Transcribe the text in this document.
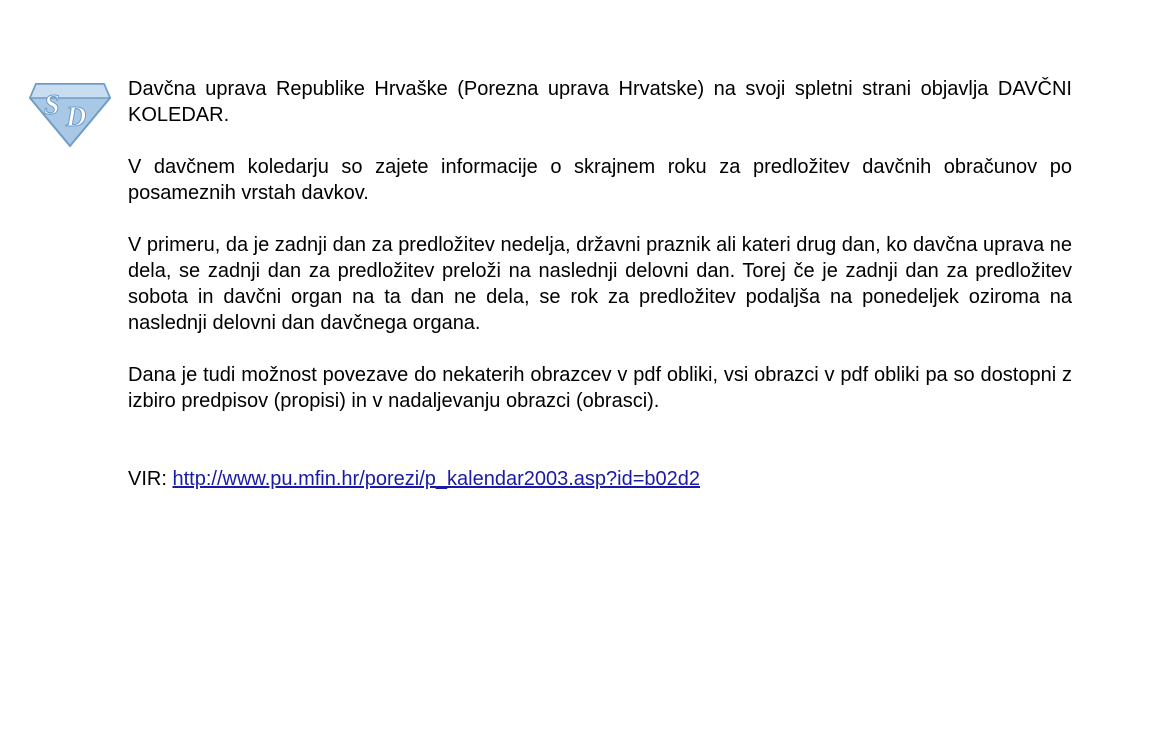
S D

Davčna uprava Republike Hrvaške (Porezna uprava Hrvatske) na svoji spletni strani objavlja DAVČNI KOLEDAR.

V davčnem koledarju so zajete informacije o skrajnem roku za predložitev davčnih obračunov po posameznih vrstah davkov.

V primeru, da je zadnji dan za predložitev nedelja, državni praznik ali kateri drug dan, ko davčna uprava ne dela, se zadnji dan za predložitev preloži na naslednji delovni dan. Torej če je zadnji dan za predložitev sobota in davčni organ na ta dan ne dela, se rok za predložitev podaljša na ponedeljek oziroma na naslednji delovni dan davčnega organa.

Dana je tudi možnost povezave do nekaterih obrazcev v pdf obliki, vsi obrazci v pdf obliki pa so dostopni z izbiro predpisov (propisi) in v nadaljevanju obrazci (obrasci).

VIR: http://www.pu.mfin.hr/porezi/p_kalendar2003.asp?id=b02d2
